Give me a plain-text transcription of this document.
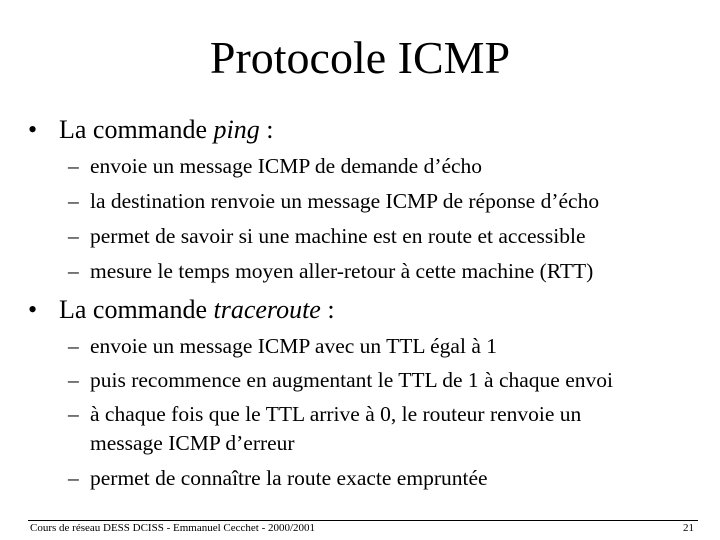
Protocole ICMP
• La commande ping :
– envoie un message ICMP de demande d’écho
– la destination renvoie un message ICMP de réponse d’écho
– permet de savoir si une machine est en route et accessible
– mesure le temps moyen aller-retour à cette machine (RTT)
• La commande traceroute :
– envoie un message ICMP avec un TTL égal à 1
– puis recommence en augmentant le TTL de 1 à chaque envoi
– à chaque fois que le TTL arrive à 0, le routeur renvoie un
message ICMP d’erreur
– permet de connaître la route exacte empruntée
Cours de réseau DESS DCISS - Emmanuel Cecchet - 2000/2001	21
